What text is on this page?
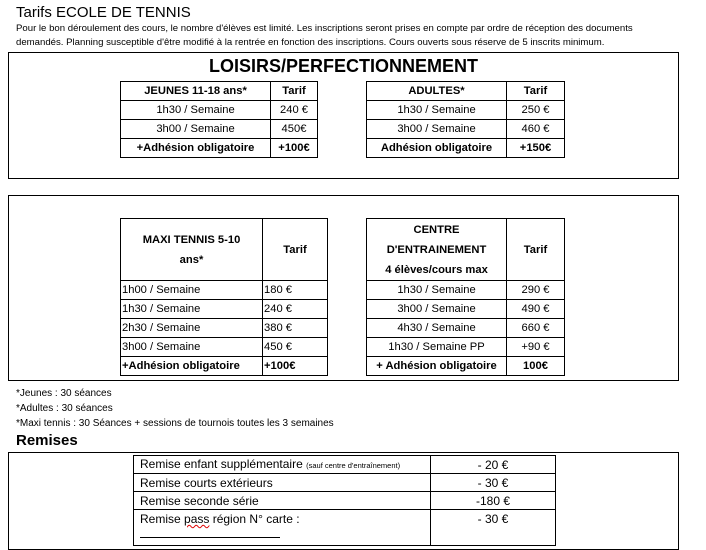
Tarifs ECOLE DE TENNIS
Pour le bon déroulement des cours, le nombre d'élèves est limité. Les inscriptions seront prises en compte par ordre de réception des documents
demandés. Planning susceptible d'être modifié à la rentrée en fonction des inscriptions. Cours ouverts sous réserve de 5 inscrits minimum.
LOISIRS/PERFECTIONNEMENT
JEUNES 11-18 ans*	Tarif
1h30 / Semaine	240 €
3h00 / Semaine	450€
+Adhésion obligatoire	+100€
ADULTES*	Tarif
1h30 / Semaine	250 €
3h00 / Semaine	460 €
Adhésion obligatoire	+150€
MAXI TENNIS 5-10
ans*	Tarif
1h00 / Semaine	180 €
1h30 / Semaine	240 €
2h30 / Semaine	380 €
3h00 / Semaine	450 €
+Adhésion obligatoire	+100€
CENTRE
D'ENTRAINEMENT
4 élèves/cours max	Tarif
1h30 / Semaine	290 €
3h00 / Semaine	490 €
4h30 / Semaine	660 €
1h30 / Semaine PP	+90 €
+ Adhésion obligatoire	100€
*Jeunes : 30 séances
*Adultes : 30 séances
*Maxi tennis : 30 Séances + sessions de tournois toutes les 3 semaines
Remises
Remise enfant supplémentaire (sauf centre d'entraînement)	- 20 €
Remise courts extérieurs	- 30 €
Remise seconde série	-180 €
Remise pass région N° carte :	- 30 €
